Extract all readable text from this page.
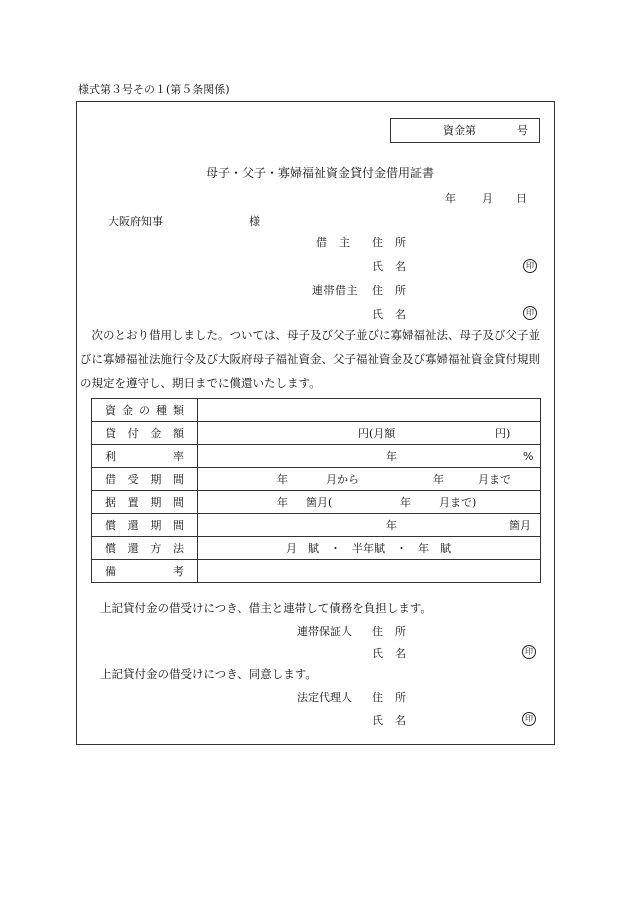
様式第３号その１(第５条関係)
資金第	号
母子・父子・寡婦福祉資金貸付金借用証書
年 月 日
大阪府知事	様
借　主 住　所
氏　名	印
連帯借主 住　所
氏　名	印
　次のとおり借用しました。ついては、母子及び父子並びに寡婦福祉法、母子及び父子並
びに寡婦福祉法施行令及び大阪府母子福祉資金、父子福祉資金及び寡婦福祉資金貸付規則
の規定を遵守し、期日までに償還いたします。
資 金 の 種 類	

貸 付 金 額	円(月額 円)

利 率	年 %

借 受 期 間	年 月から 年 月まで

据 置 期 間	年 箇月( 年 月まで)

償 還 期 間	年 箇月

償 還 方 法	月　賦　・　半年賦　・　年　賦

備 考	

上記貸付金の借受けにつき、借主と連帯して債務を負担します。
連帯保証人 住　所
氏　名	印
上記貸付金の借受けにつき、同意します。
法定代理人 住　所
氏　名	印
